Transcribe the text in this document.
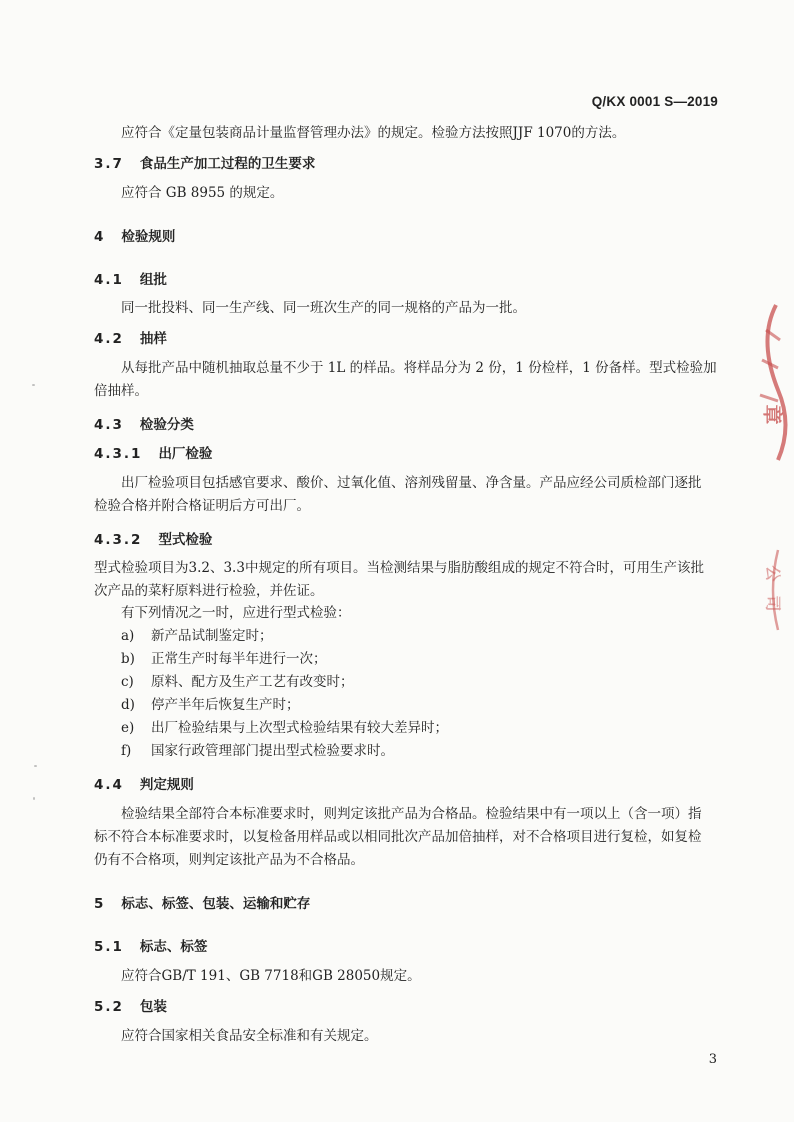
Q/KX 0001 S—2019
应符合《定量包装商品计量监督管理办法》的规定。检验方法按照JJF 1070的方法。
3.7 食品生产加工过程的卫生要求
应符合 GB 8955 的规定。
4 检验规则
4.1 组批
同一批投料、同一生产线、同一班次生产的同一规格的产品为一批。
4.2 抽样
从每批产品中随机抽取总量不少于 1L 的样品。将样品分为 2 份，1 份检样，1 份备样。型式检验加
倍抽样。
4.3 检验分类
4.3.1 出厂检验
出厂检验项目包括感官要求、酸价、过氧化值、溶剂残留量、净含量。产品应经公司质检部门逐批
检验合格并附合格证明后方可出厂。
4.3.2 型式检验
型式检验项目为3.2、3.3中规定的所有项目。当检测结果与脂肪酸组成的规定不符合时，可用生产该批
次产品的菜籽原料进行检验，并佐证。
有下列情况之一时，应进行型式检验：
a) 新产品试制鉴定时；
b) 正常生产时每半年进行一次；
c) 原料、配方及生产工艺有改变时；
d) 停产半年后恢复生产时；
e) 出厂检验结果与上次型式检验结果有较大差异时；
f) 国家行政管理部门提出型式检验要求时。
4.4 判定规则
检验结果全部符合本标准要求时，则判定该批产品为合格品。检验结果中有一项以上（含一项）指
标不符合本标准要求时，以复检备用样品或以相同批次产品加倍抽样，对不合格项目进行复检，如复检
仍有不合格项，则判定该批产品为不合格品。
5 标志、标签、包装、运输和贮存
5.1 标志、标签
应符合GB/T 191、GB 7718和GB 28050规定。
5.2 包装
应符合国家相关食品安全标准和有关规定。
3
章
公
司
